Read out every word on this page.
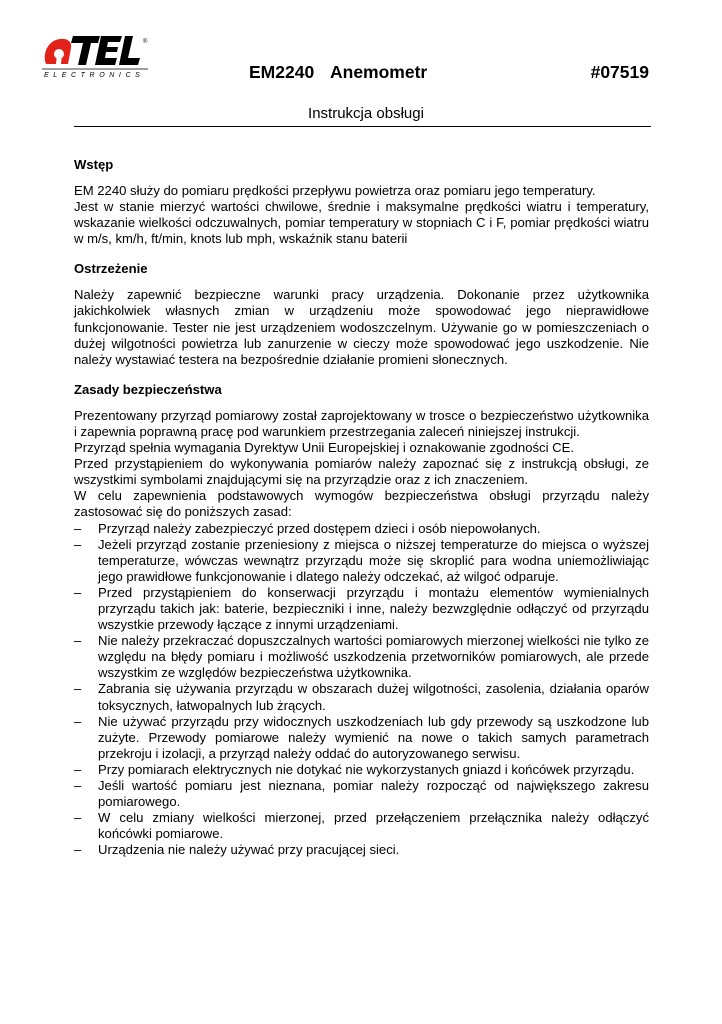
®
ELECTRONICS	EM2240 Anemometr	#07519
Instrukcja obsługi
Wstęp

EM 2240 służy do pomiaru prędkości przepływu powietrza oraz pomiaru jego temperatury.

Jest w stanie mierzyć wartości chwilowe, średnie i maksymalne prędkości wiatru i temperatury, wskazanie wielkości odczuwalnych, pomiar temperatury w stopniach C i F, pomiar prędkości wiatru w m/s, km/h, ft/min, knots lub mph, wskaźnik stanu baterii

Ostrzeżenie

Należy zapewnić bezpieczne warunki pracy urządzenia. Dokonanie przez użytkownika jakichkolwiek własnych zmian w urządzeniu może spowodować jego nieprawidłowe funkcjonowanie. Tester nie jest urządzeniem wodoszczelnym. Używanie go w pomieszczeniach o dużej wilgotności powietrza lub zanurzenie w cieczy może spowodować jego uszkodzenie. Nie należy wystawiać testera na bezpośrednie działanie promieni słonecznych.

Zasady bezpieczeństwa

Prezentowany przyrząd pomiarowy został zaprojektowany w trosce o bezpieczeństwo użytkownika i zapewnia poprawną pracę pod warunkiem przestrzegania zaleceń niniejszej instrukcji.

Przyrząd spełnia wymagania Dyrektyw Unii Europejskiej i oznakowanie zgodności CE.

Przed przystąpieniem do wykonywania pomiarów należy zapoznać się z instrukcją obsługi, ze wszystkimi symbolami znajdującymi się na przyrządzie oraz z ich znaczeniem.

W celu zapewnienia podstawowych wymogów bezpieczeństwa obsługi przyrządu należy zastosować się do poniższych zasad:

– Przyrząd należy zabezpieczyć przed dostępem dzieci i osób niepowołanych.
– Jeżeli przyrząd zostanie przeniesiony z miejsca o niższej temperaturze do miejsca o wyższej temperaturze, wówczas wewnątrz przyrządu może się skroplić para wodna uniemożliwiając jego prawidłowe funkcjonowanie i dlatego należy odczekać, aż wilgoć odparuje.
– Przed przystąpieniem do konserwacji przyrządu i montażu elementów wymienialnych przyrządu takich jak: baterie, bezpieczniki i inne, należy bezwzględnie odłączyć od przyrządu wszystkie przewody łączące z innymi urządzeniami.
– Nie należy przekraczać dopuszczalnych wartości pomiarowych mierzonej wielkości nie tylko ze względu na błędy pomiaru i możliwość uszkodzenia przetworników pomiarowych, ale przede wszystkim ze względów bezpieczeństwa użytkownika.
– Zabrania się używania przyrządu w obszarach dużej wilgotności, zasolenia, działania oparów toksycznych, łatwopalnych lub żrących.
– Nie używać przyrządu przy widocznych uszkodzeniach lub gdy przewody są uszkodzone lub zużyte. Przewody pomiarowe należy wymienić na nowe o takich samych parametrach przekroju i izolacji, a przyrząd należy oddać do autoryzowanego serwisu.
– Przy pomiarach elektrycznych nie dotykać nie wykorzystanych gniazd i końcówek przyrządu.
– Jeśli wartość pomiaru jest nieznana, pomiar należy rozpocząć od największego zakresu pomiarowego.
– W celu zmiany wielkości mierzonej, przed przełączeniem przełącznika należy odłączyć końcówki pomiarowe.
– Urządzenia nie należy używać przy pracującej sieci.
